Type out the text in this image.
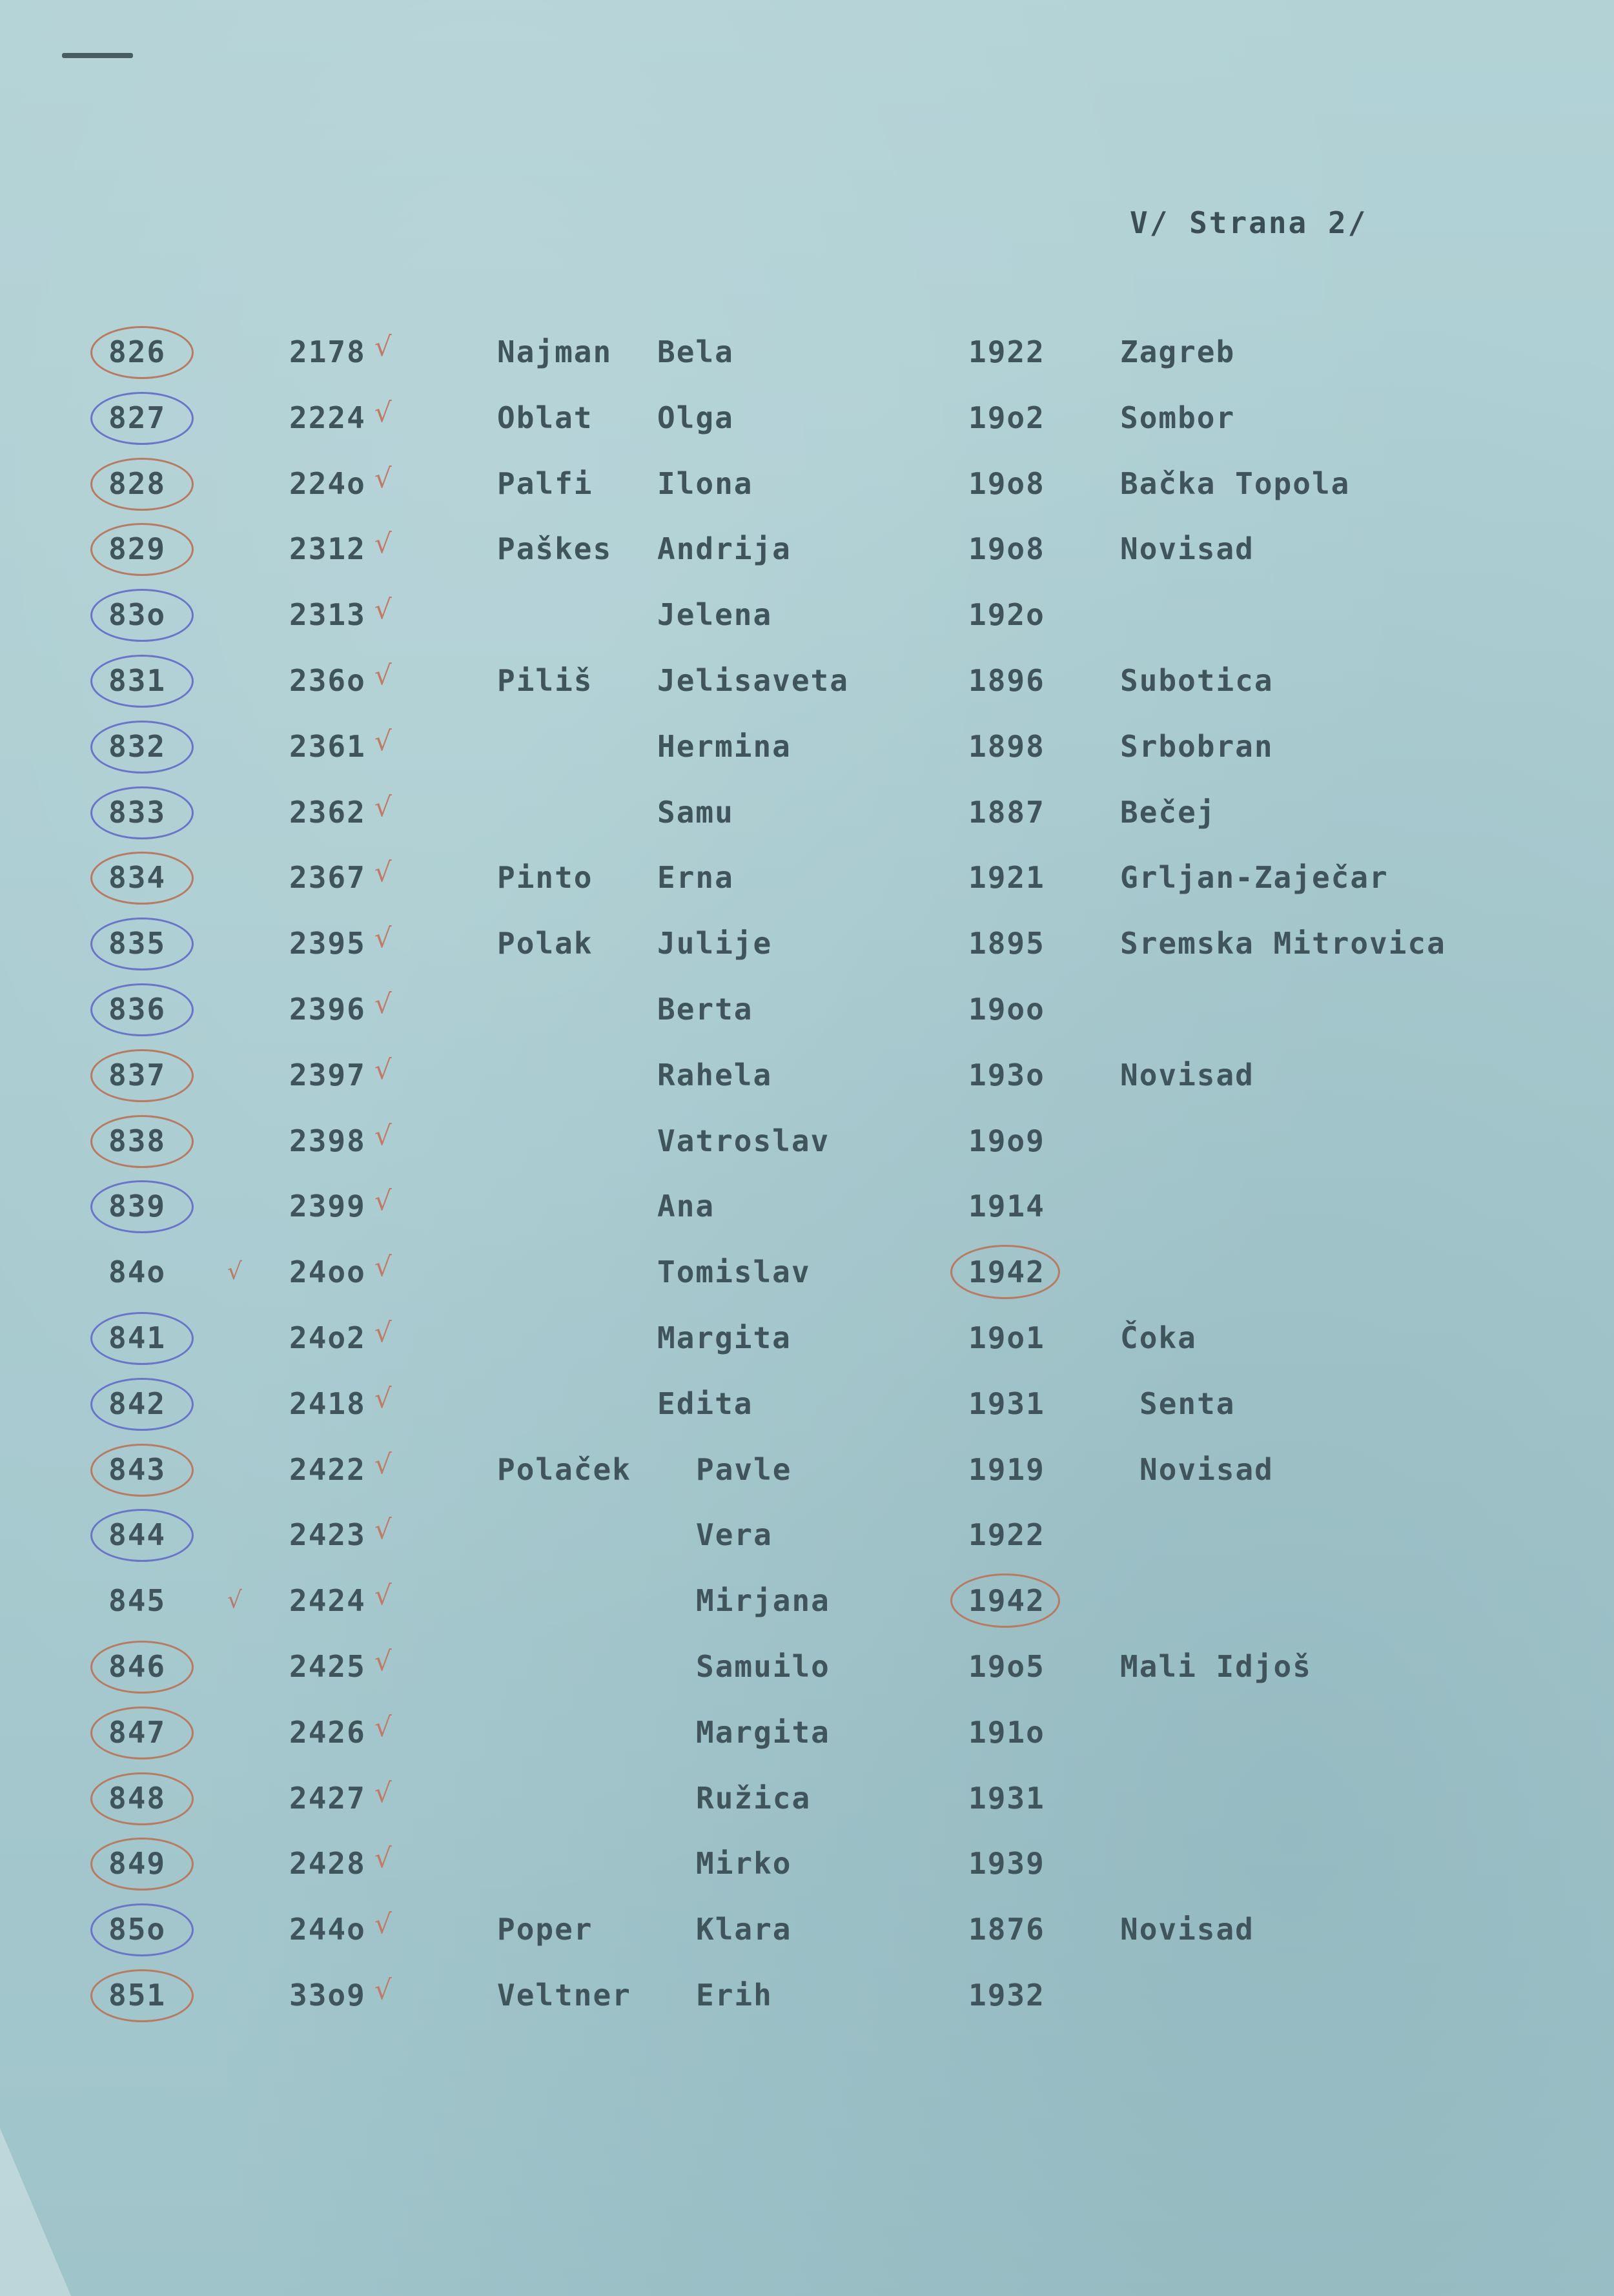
V/ Strana 2/
826	2178	Najman Bela	1922	Zagreb
√
827	2224	Oblat Olga	19o2	Sombor
√
828	224o	Palfi Ilona	19o8	Bačka Topola
√
829	2312	Paškes Andrija	19o8	Novisad
√
83o	2313	Jelena	192o
√
831	236o	Piliš Jelisaveta	1896	Subotica
√
832	2361	Hermina	1898	Srbobran
√
833	2362	Samu	1887	Bečej
√
834	2367	Pinto Erna	1921	Grljan-Zaječar
√
835	2395	Polak Julije	1895	Sremska Mitrovica
√
836	2396	Berta	19oo
√
837	2397	Rahela	193o	Novisad
√
838	2398	Vatroslav	19o9
√
839	2399	Ana	1914
√
84o	24oo	Tomislav	1942
√
√
841	24o2	Margita	19o1	Čoka
√
842	2418	Edita	1931	Senta
√
843	2422	Polaček Pavle	1919	Novisad
√
844	2423	Vera	1922
√
845	2424	Mirjana	1942
√
√
846	2425	Samuilo	19o5	Mali Idjoš
√
847	2426	Margita	191o
√
848	2427	Ružica	1931
√
849	2428	Mirko	1939
√
85o	244o	Poper	Klara	1876	Novisad
√
851	33o9	Veltner Erih	1932
√
